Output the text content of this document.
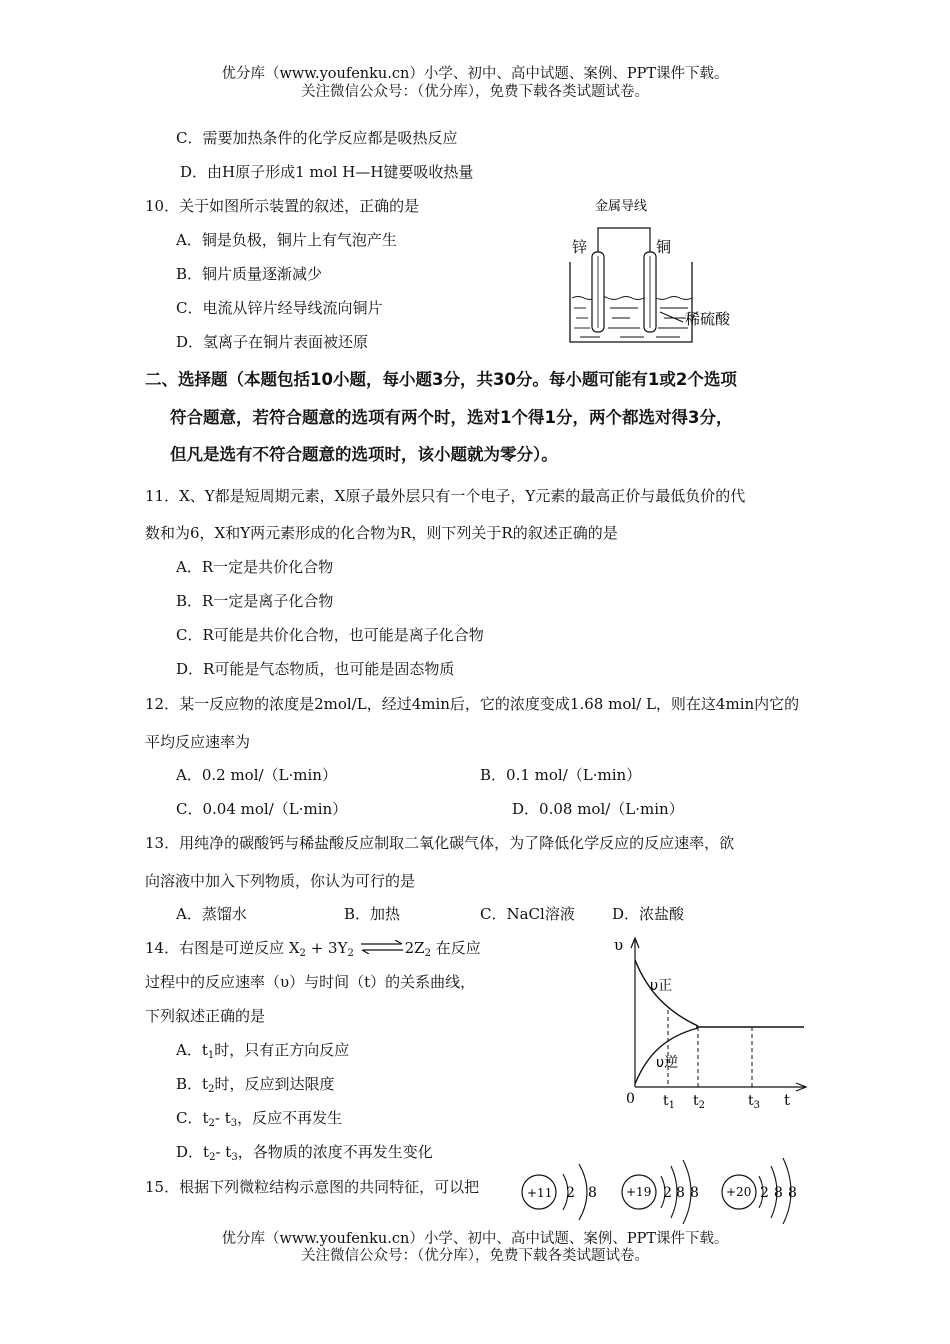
优分库（www.youfenku.cn）小学、初中、高中试题、案例、PPT课件下载。
关注微信公众号：（优分库），免费下载各类试题试卷。
C．需要加热条件的化学反应都是吸热反应
D．由H原子形成1 mol H—H键要吸收热量
10．关于如图所示装置的叙述，正确的是
A．铜是负极，铜片上有气泡产生
B．铜片质量逐渐减少
C．电流从锌片经导线流向铜片
D．氢离子在铜片表面被还原
金属导线
锌	铜
稀硫酸
二、选择题（本题包括10小题，每小题3分，共30分。每小题可能有1或2个选项
符合题意，若符合题意的选项有两个时，选对1个得1分，两个都选对得3分，
但凡是选有不符合题意的选项时，该小题就为零分）。
11．X、Y都是短周期元素，X原子最外层只有一个电子，Y元素的最高正价与最低负价的代
数和为6，X和Y两元素形成的化合物为R，则下列关于R的叙述正确的是
A．R一定是共价化合物
B．R一定是离子化合物
C．R可能是共价化合物，也可能是离子化合物
D．R可能是气态物质，也可能是固态物质
12．某一反应物的浓度是2mol/L，经过4min后，它的浓度变成1.68 mol/ L，则在这4min内它的
平均反应速率为
A．0.2 mol/（L·min）	B．0.1 mol/（L·min）
C．0.04 mol/（L·min）	D．0.08 mol/（L·min）
13．用纯净的碳酸钙与稀盐酸反应制取二氧化碳气体，为了降低化学反应的反应速率，欲
向溶液中加入下列物质，你认为可行的是
A．蒸馏水	B．加热	C．NaCl溶液 D．浓盐酸
14．右图是可逆反应 $X_2 + 3Y_2$ $\rightleftharpoons 2Z_2$ 在反应
过程中的反应速率（υ）与时间（t）的关系曲线，
下列叙述正确的是
A．$t_1$时，只有正方向反应
B．$t_2$时，反应到达限度
C．$t_2-$ $t_3$，反应不再发生
D．$t_2-$ $t_3$，各物质的浓度不再发生变化
υ
t
0
υ正
υ逆
$t_1$ $t_2$	$t_3$
15．根据下列微粒结构示意图的共同特征，可以把	+11 2 8 +19 2 8 8 +20 2 8 8
优分库（www.youfenku.cn）小学、初中、高中试题、案例、PPT课件下载。
关注微信公众号：（优分库），免费下载各类试题试卷。
